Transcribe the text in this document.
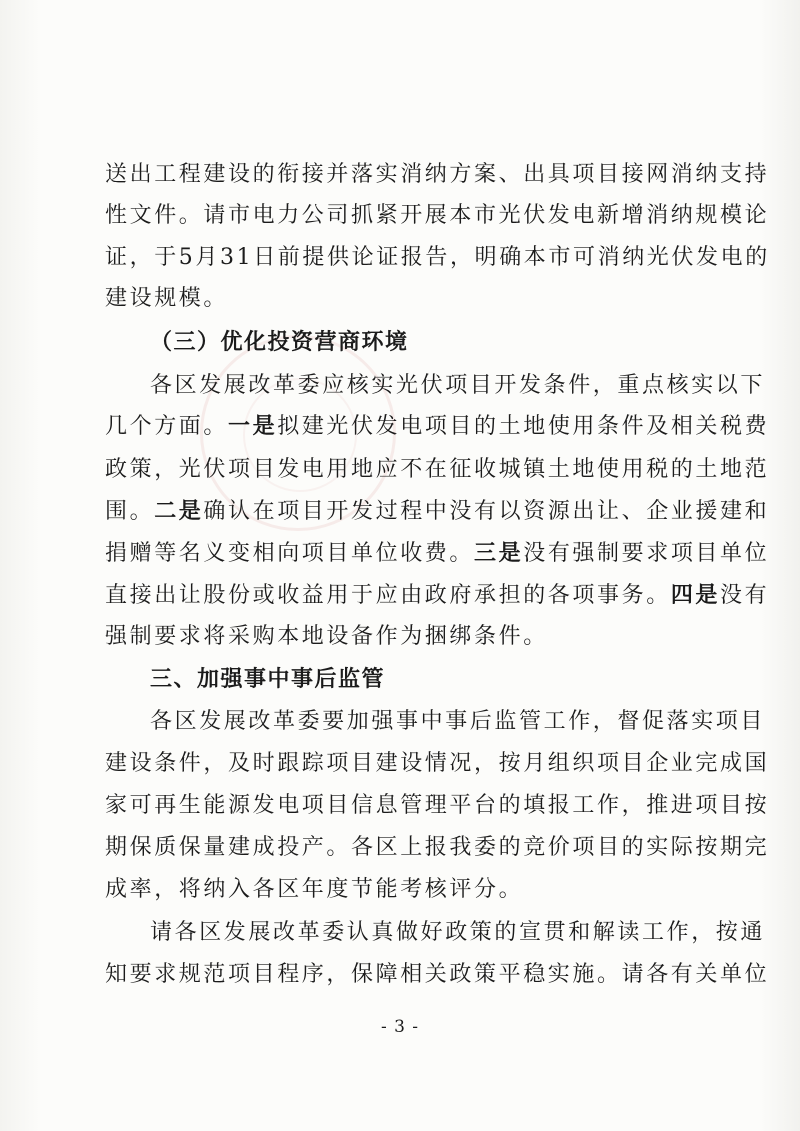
送出工程建设的衔接并落实消纳方案、出具项目接网消纳支持
性文件。请市电力公司抓紧开展本市光伏发电新增消纳规模论
证，于5月31日前提供论证报告，明确本市可消纳光伏发电的
建设规模。
（三）优化投资营商环境
各区发展改革委应核实光伏项目开发条件，重点核实以下
几个方面。一是拟建光伏发电项目的土地使用条件及相关税费
政策，光伏项目发电用地应不在征收城镇土地使用税的土地范
围。二是确认在项目开发过程中没有以资源出让、企业援建和
捐赠等名义变相向项目单位收费。三是没有强制要求项目单位
直接出让股份或收益用于应由政府承担的各项事务。四是没有
强制要求将采购本地设备作为捆绑条件。
三、加强事中事后监管
各区发展改革委要加强事中事后监管工作，督促落实项目
建设条件，及时跟踪项目建设情况，按月组织项目企业完成国
家可再生能源发电项目信息管理平台的填报工作，推进项目按
期保质保量建成投产。各区上报我委的竞价项目的实际按期完
成率，将纳入各区年度节能考核评分。
请各区发展改革委认真做好政策的宣贯和解读工作，按通
知要求规范项目程序，保障相关政策平稳实施。请各有关单位
- 3 -
